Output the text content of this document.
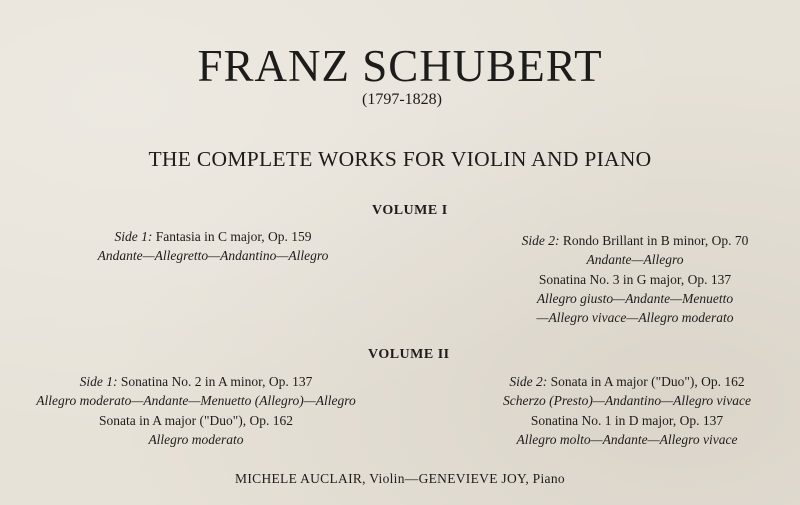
FRANZ SCHUBERT
(1797-1828)
THE COMPLETE WORKS FOR VIOLIN AND PIANO
VOLUME I
Side 1: Fantasia in C major, Op. 159
Andante—Allegretto—Andantino—Allegro
Side 2: Rondo Brillant in B minor, Op. 70
Andante—Allegro
Sonatina No. 3 in G major, Op. 137
Allegro giusto—Andante—Menuetto
—Allegro vivace—Allegro moderato
VOLUME II
Side 1: Sonatina No. 2 in A minor, Op. 137
Allegro moderato—Andante—Menuetto (Allegro)—Allegro
Sonata in A major ("Duo"), Op. 162
Allegro moderato
Side 2: Sonata in A major ("Duo"), Op. 162
Scherzo (Presto)—Andantino—Allegro vivace
Sonatina No. 1 in D major, Op. 137
Allegro molto—Andante—Allegro vivace
MICHELE AUCLAIR, Violin—GENEVIEVE JOY, Piano
